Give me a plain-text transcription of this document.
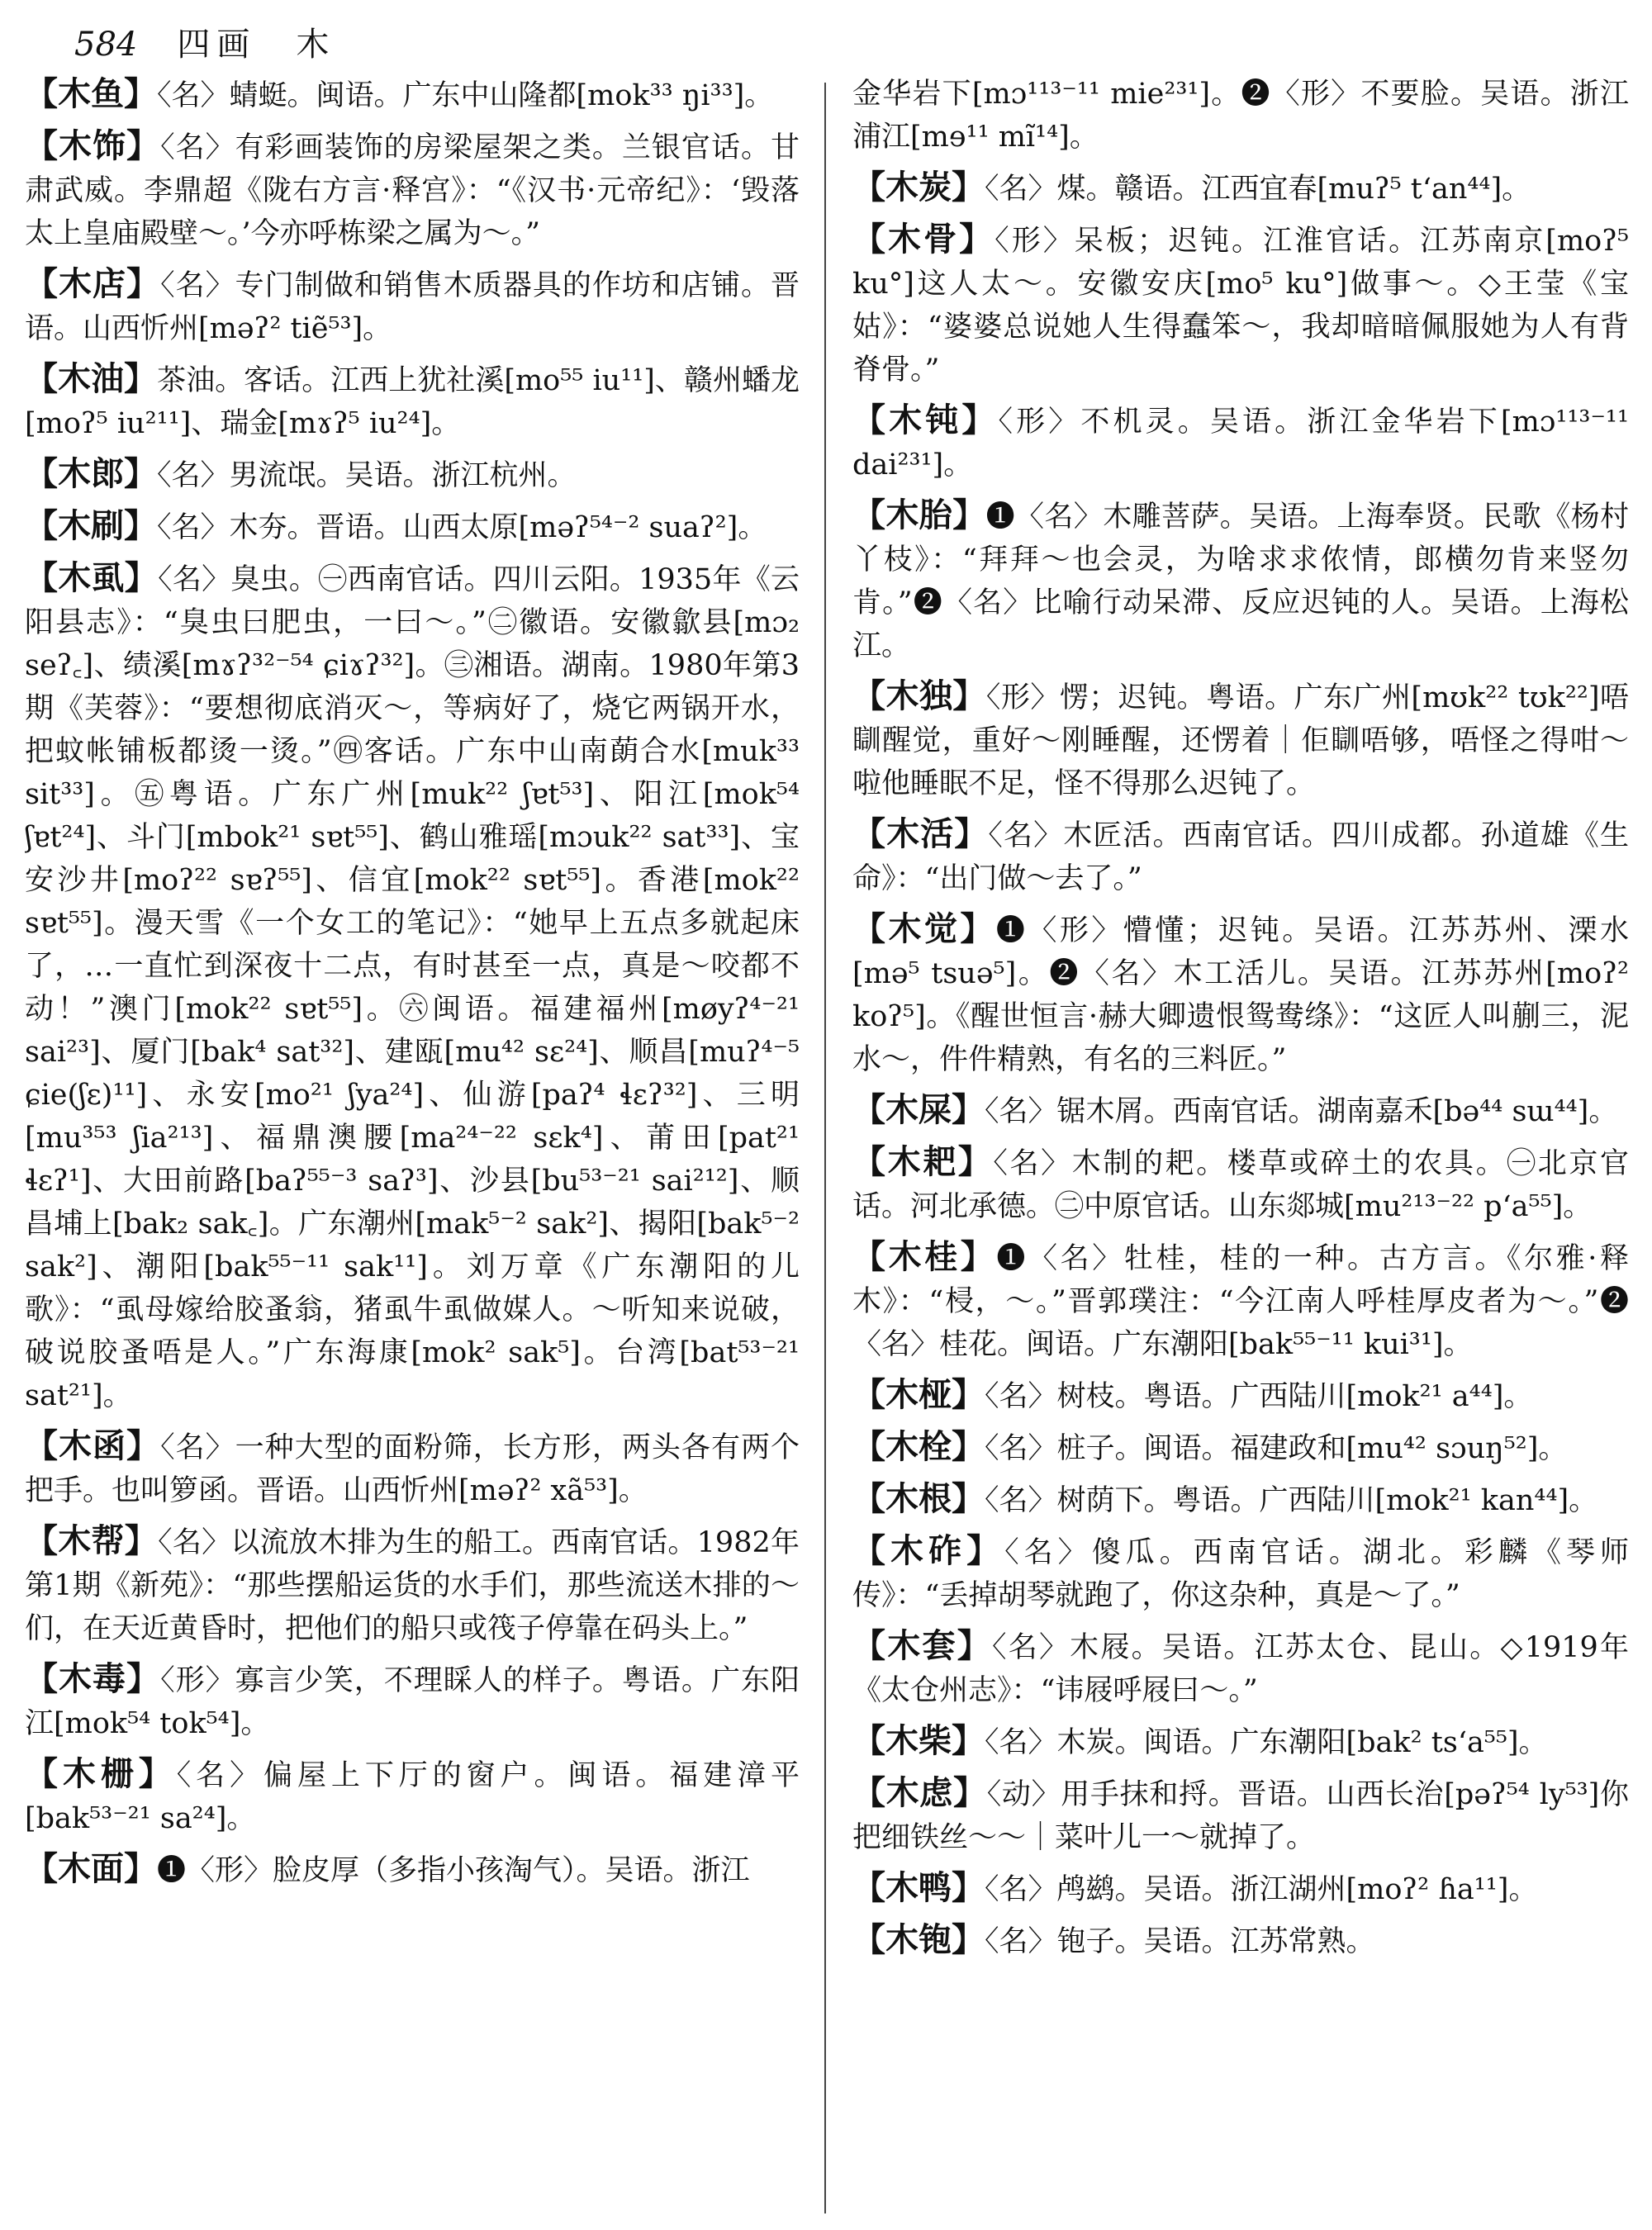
584 四画　木

【木鱼】〈名〉蜻蜓。闽语。广东中山隆都[mok³³ ŋi³³]。

【木饰】〈名〉有彩画装饰的房梁屋架之类。兰银官话。甘肃武威。李鼎超《陇右方言·释宫》：“《汉书·元帝纪》：‘毁落太上皇庙殿壁～。’今亦呼栋梁之属为～。”

【木店】〈名〉专门制做和销售木质器具的作坊和店铺。晋语。山西忻州[məʔ² tiẽ⁵³]。

【木油】茶油。客话。江西上犹社溪[mo⁵⁵ iu¹¹]、赣州蟠龙[moʔ⁵ iu²¹¹]、瑞金[mɤʔ⁵ iu²⁴]。

【木郎】〈名〉男流氓。吴语。浙江杭州。

【木刷】〈名〉木夯。晋语。山西太原[məʔ⁵⁴⁻² suaʔ²]。

【木虱】〈名〉臭虫。㊀西南官话。四川云阳。1935年《云阳县志》：“臭虫曰肥虫，一曰～。”㊁徽语。安徽歙县[mɔ₂ seʔ꜀]、绩溪[mɤʔ³²⁻⁵⁴ ɕiɤʔ³²]。㊂湘语。湖南。1980年第3期《芙蓉》：“要想彻底消灭～，等病好了，烧它两锅开水，把蚊帐铺板都烫一烫。”㊃客话。广东中山南蓢合水[muk³³ sit³³]。㊄粤语。广东广州[muk²² ʃɐt⁵³]、阳江[mok⁵⁴ ʃɐt²⁴]、斗门[mbok²¹ sɐt⁵⁵]、鹤山雅瑶[mɔuk²² sat³³]、宝安沙井[moʔ²² sɐʔ⁵⁵]、信宜[mok²² sɐt⁵⁵]。香港[mok²² sɐt⁵⁵]。漫天雪《一个女工的笔记》：“她早上五点多就起床了，…一直忙到深夜十二点，有时甚至一点，真是～咬都不动！”澳门[mok²² sɐt⁵⁵]。㊅闽语。福建福州[møyʔ⁴⁻²¹ sai²³]、厦门[bak⁴ sat³²]、建瓯[mu⁴² sɛ²⁴]、顺昌[muʔ⁴⁻⁵ ɕie(ʃɛ)¹¹]、永安[mo²¹ ʃya²⁴]、仙游[paʔ⁴ ɬɛʔ³²]、三明[mu³⁵³ ʃia²¹³]、福鼎澳腰[ma²⁴⁻²² sɛk⁴]、莆田[pat²¹ ɬɛʔ¹]、大田前路[baʔ⁵⁵⁻³ saʔ³]、沙县[bu⁵³⁻²¹ sai²¹²]、顺昌埔上[bak₂ sak꜀]。广东潮州[mak⁵⁻² sak²]、揭阳[bak⁵⁻² sak²]、潮阳[bak⁵⁵⁻¹¹ sak¹¹]。刘万章《广东潮阳的儿歌》：“虱母嫁给胶蚤翁，猪虱牛虱做媒人。～听知来说破，破说胶蚤唔是人。”广东海康[mok² sak⁵]。台湾[bat⁵³⁻²¹ sat²¹]。

【木函】〈名〉一种大型的面粉筛，长方形，两头各有两个把手。也叫箩函。晋语。山西忻州[məʔ² xã⁵³]。

【木帮】〈名〉以流放木排为生的船工。西南官话。1982年第1期《新苑》：“那些摆船运货的水手们，那些流送木排的～们，在天近黄昏时，把他们的船只或筏子停靠在码头上。”

【木毒】〈形〉寡言少笑，不理睬人的样子。粤语。广东阳江[mok⁵⁴ tok⁵⁴]。

【木栅】〈名〉偏屋上下厅的窗户。闽语。福建漳平[bak⁵³⁻²¹ sa²⁴]。

【木面】❶〈形〉脸皮厚（多指小孩淘气）。吴语。浙江

金华岩下[mɔ¹¹³⁻¹¹ mie²³¹]。❷〈形〉不要脸。吴语。浙江浦江[mɘ¹¹ mĩ¹⁴]。

【木炭】〈名〉煤。赣语。江西宜春[muʔ⁵ t‘an⁴⁴]。

【木骨】〈形〉呆板；迟钝。江淮官话。江苏南京[moʔ⁵ ku°]这人太～。安徽安庆[mo⁵ ku°]做事～。◇王莹《宝姑》：“婆婆总说她人生得蠢笨～，我却暗暗佩服她为人有背脊骨。”

【木钝】〈形〉不机灵。吴语。浙江金华岩下[mɔ¹¹³⁻¹¹ dai²³¹]。

【木胎】❶〈名〉木雕菩萨。吴语。上海奉贤。民歌《杨村丫枝》：“拜拜～也会灵，为啥求求侬情，郎横勿肯来竖勿肯。”❷〈名〉比喻行动呆滞、反应迟钝的人。吴语。上海松江。

【木独】〈形〉愣；迟钝。粤语。广东广州[mʊk²² tʊk²²]唔瞓醒觉，重好～刚睡醒，还愣着｜佢瞓唔够，唔怪之得咁～啦他睡眠不足，怪不得那么迟钝了。

【木活】〈名〉木匠活。西南官话。四川成都。孙道雄《生命》：“出门做～去了。”

【木觉】❶〈形〉懵懂；迟钝。吴语。江苏苏州、溧水[mə⁵ tsuə⁵]。❷〈名〉木工活儿。吴语。江苏苏州[moʔ² koʔ⁵]。《醒世恒言·赫大卿遗恨鸳鸯绦》：“这匠人叫蒯三，泥水～，件件精熟，有名的三料匠。”

【木屎】〈名〉锯木屑。西南官话。湖南嘉禾[bə⁴⁴ sɯ⁴⁴]。

【木耙】〈名〉木制的耙。楼草或碎土的农具。㊀北京官话。河北承德。㊁中原官话。山东郯城[mu²¹³⁻²² p‘a⁵⁵]。

【木桂】❶〈名〉牡桂，桂的一种。古方言。《尔雅·释木》：“梫，～。”晋郭璞注：“今江南人呼桂厚皮者为～。”❷〈名〉桂花。闽语。广东潮阳[bak⁵⁵⁻¹¹ kui³¹]。

【木桠】〈名〉树枝。粤语。广西陆川[mok²¹ a⁴⁴]。

【木栓】〈名〉桩子。闽语。福建政和[mu⁴² sɔuŋ⁵²]。

【木根】〈名〉树荫下。粤语。广西陆川[mok²¹ kan⁴⁴]。

【木砟】〈名〉傻瓜。西南官话。湖北。彩麟《琴师传》：“丢掉胡琴就跑了，你这杂种，真是～了。”

【木套】〈名〉木屐。吴语。江苏太仓、昆山。◇1919年《太仓州志》：“讳屐呼屐曰～。”

【木柴】〈名〉木炭。闽语。广东潮阳[bak² ts‘a⁵⁵]。

【木虑】〈动〉用手抹和捋。晋语。山西长治[pəʔ⁵⁴ ly⁵³]你把细铁丝～～｜菜叶儿一～就掉了。

【木鸭】〈名〉鸬鹚。吴语。浙江湖州[moʔ² ɦa¹¹]。

【木铇】〈名〉铇子。吴语。江苏常熟。
